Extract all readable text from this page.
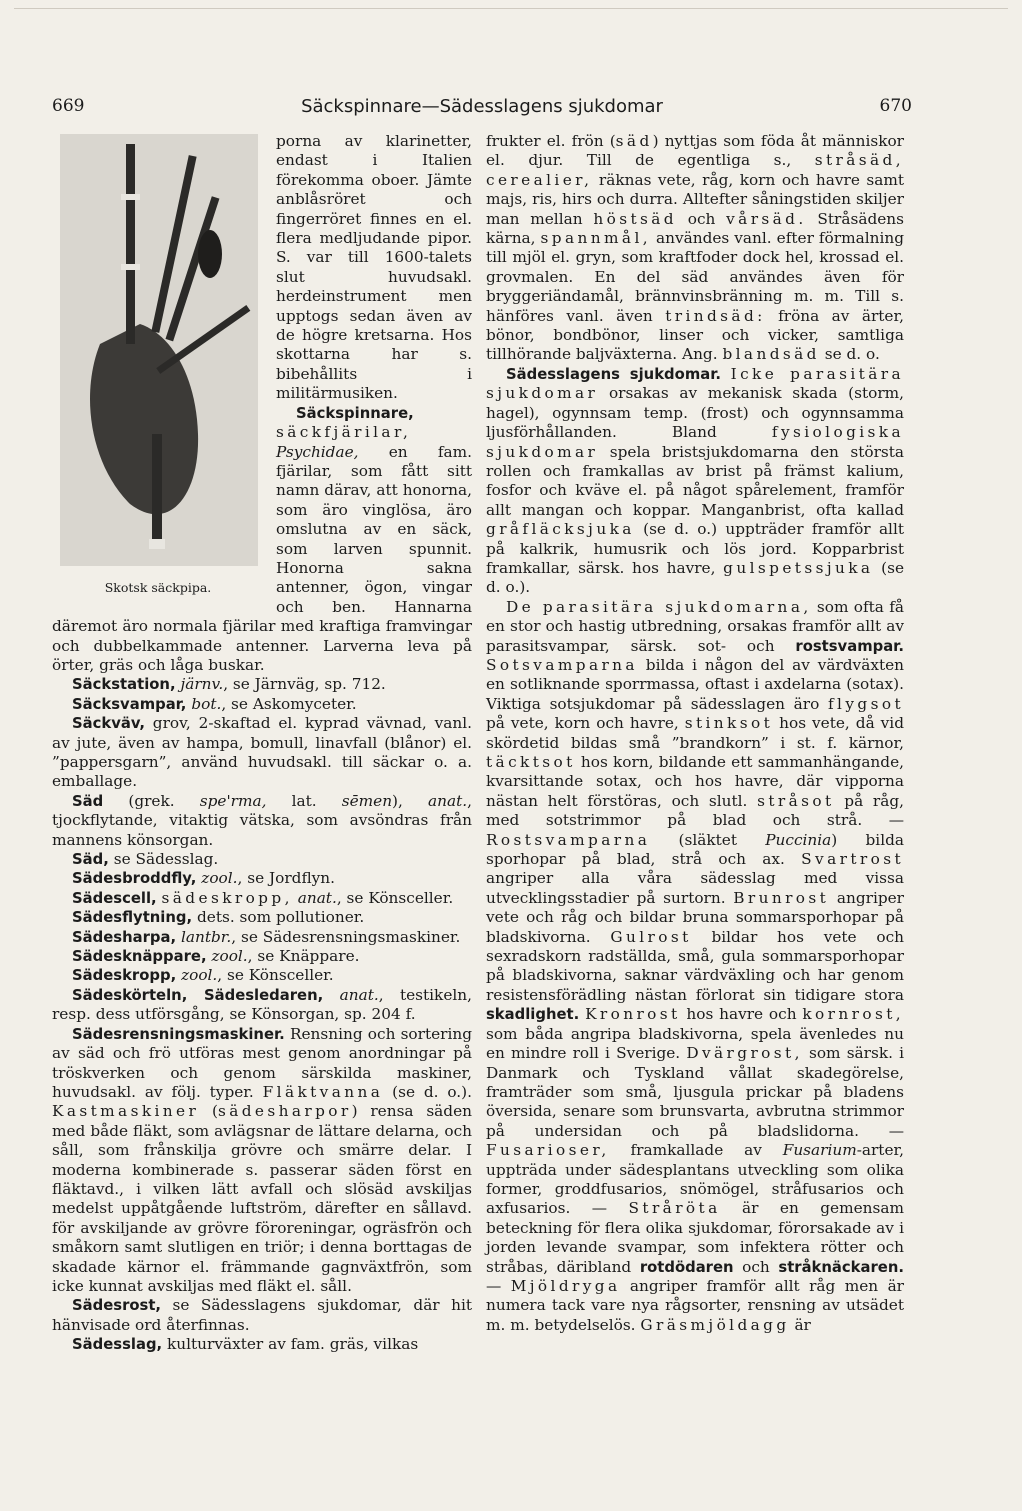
669	Säckspinnare—Sädesslagens sjukdomar	670
Skotsk säckpipa.

porna av klarinetter, endast i Italien förekomma oboer. Jämte anblåsröret och fingerröret finnes en el. flera medljudande pipor. S. var till 1600-talets slut huvudsakl. herdeinstrument men upptogs sedan även av de högre kretsarna. Hos skottarna har s. bibehållits i militärmusiken.

Säckspinnare, säckfjärilar, Psychidae, en fam. fjärilar, som fått sitt namn därav, att honorna, som äro vinglösa, äro omslutna av en säck, som larven spunnit. Honorna sakna antenner, ögon, vingar och ben. Hannarna däremot äro normala fjärilar med kraftiga framvingar och dubbelkammade antenner. Larverna leva på örter, gräs och låga buskar.

Säckstation, järnv., se Järnväg, sp. 712.

Säcksvampar, bot., se Askomyceter.

Säckväv, grov, 2-skaftad el. kyprad vävnad, vanl. av jute, även av hampa, bomull, linavfall (blånor) el. ”pappersgarn”, använd huvudsakl. till säckar o. a. emballage.

Säd (grek. spe'rma, lat. sēmen), anat., tjockflytande, vitaktig vätska, som avsöndras från mannens könsorgan.

Säd, se Sädesslag.

Sädesbroddfly, zool., se Jordflyn.

Sädescell, sädeskropp, anat., se Könsceller.

Sädesflytning, dets. som pollutioner.

Sädesharpa, lantbr., se Sädesrensningsmaskiner.

Sädesknäppare, zool., se Knäppare.

Sädeskropp, zool., se Könsceller.

Sädeskörteln, Sädesledaren, anat., testikeln, resp. dess utförsgång, se Könsorgan, sp. 204 f.

Sädesrensningsmaskiner. Rensning och sortering av säd och frö utföras mest genom anordningar på tröskverken och genom särskilda maskiner, huvudsakl. av följ. typer. Fläktvanna (se d. o.). Kastmaskiner (sädesharpor) rensa säden med både fläkt, som avlägsnar de lättare delarna, och såll, som frånskilja grövre och smärre delar. I moderna kombinerade s. passerar säden först en fläktavd., i vilken lätt avfall och slösäd avskiljas medelst uppåtgående luftström, därefter en sållavd. för avskiljande av grövre föroreningar, ogräsfrön och småkorn samt slutligen en triör; i denna borttagas de skadade kärnor el. främmande gagnväxtfrön, som icke kunnat avskiljas med fläkt el. såll.

Sädesrost, se Sädesslagens sjukdomar, där hit hänvisade ord återfinnas.

Sädesslag, kulturväxter av fam. gräs, vilkas

frukter el. frön (säd) nyttjas som föda åt människor el. djur. Till de egentliga s., stråsäd, cerealier, räknas vete, råg, korn och havre samt majs, ris, hirs och durra. Alltefter såningstiden skiljer man mellan höstsäd och vårsäd. Stråsädens kärna, spannmål, användes vanl. efter förmalning till mjöl el. gryn, som kraftfoder dock hel, krossad el. grovmalen. En del säd användes även för bryggeriändamål, brännvinsbränning m. m. Till s. hänföres vanl. även trindsäd: fröna av ärter, bönor, bondbönor, linser och vicker, samtliga tillhörande baljväxterna. Ang. blandsäd se d. o.

Sädesslagens sjukdomar. Icke parasitära sjukdomar orsakas av mekanisk skada (storm, hagel), ogynnsam temp. (frost) och ogynnsamma ljusförhållanden. Bland fysiologiska sjukdomar spela bristsjukdomarna den största rollen och framkallas av brist på främst kalium, fosfor och kväve el. på något spårelement, framför allt mangan och koppar. Manganbrist, ofta kallad gråfläcksjuka (se d. o.) uppträder framför allt på kalkrik, humusrik och lös jord. Kopparbrist framkallar, särsk. hos havre, gulspetssjuka (se d. o.).

De parasitära sjukdomarna, som ofta få en stor och hastig utbredning, orsakas framför allt av parasitsvampar, särsk. sot- och rostsvampar. Sotsvamparna bilda i någon del av värdväxten en sotliknande sporrmassa, oftast i axdelarna (sotax). Viktiga sotsjukdomar på sädesslagen äro flygsot på vete, korn och havre, stinksot hos vete, då vid skördetid bildas små ”brandkorn” i st. f. kärnor, täcktsot hos korn, bildande ett sammanhängande, kvarsittande sotax, och hos havre, där vipporna nästan helt förstöras, och slutl. stråsot på råg, med sotstrimmor på blad och strå. — Rostsvamparna (släktet Puccinia) bilda sporhopar på blad, strå och ax. Svartrost angriper alla våra sädesslag med vissa utvecklingsstadier på surtorn. Brunrost angriper vete och råg och bildar bruna sommarsporhopar på bladskivorna. Gulrost bildar hos vete och sexradskorn radställda, små, gula sommarsporhopar på bladskivorna, saknar värdväxling och har genom resistensförädling nästan förlorat sin tidigare stora skadlighet. Kronrost hos havre och kornrost, som båda angripa bladskivorna, spela ävenledes nu en mindre roll i Sverige. Dvärgrost, som särsk. i Danmark och Tyskland vållat skadegörelse, framträder som små, ljusgula prickar på bladens översida, senare som brunsvarta, avbrutna strimmor på undersidan och på bladslidorna. — Fusarioser, framkallade av Fusarium-arter, uppträda under sädesplantans utveckling som olika former, groddfusarios, snömögel, stråfusarios och axfusarios. — Stråröta är en gemensam beteckning för flera olika sjukdomar, förorsakade av i jorden levande svampar, som infektera rötter och stråbas, däribland rotdödaren och stråknäckaren. — Mjöldryga angriper framför allt råg men är numera tack vare nya rågsorter, rensning av utsädet m. m. betydelselös. Gräsmjöldagg är
